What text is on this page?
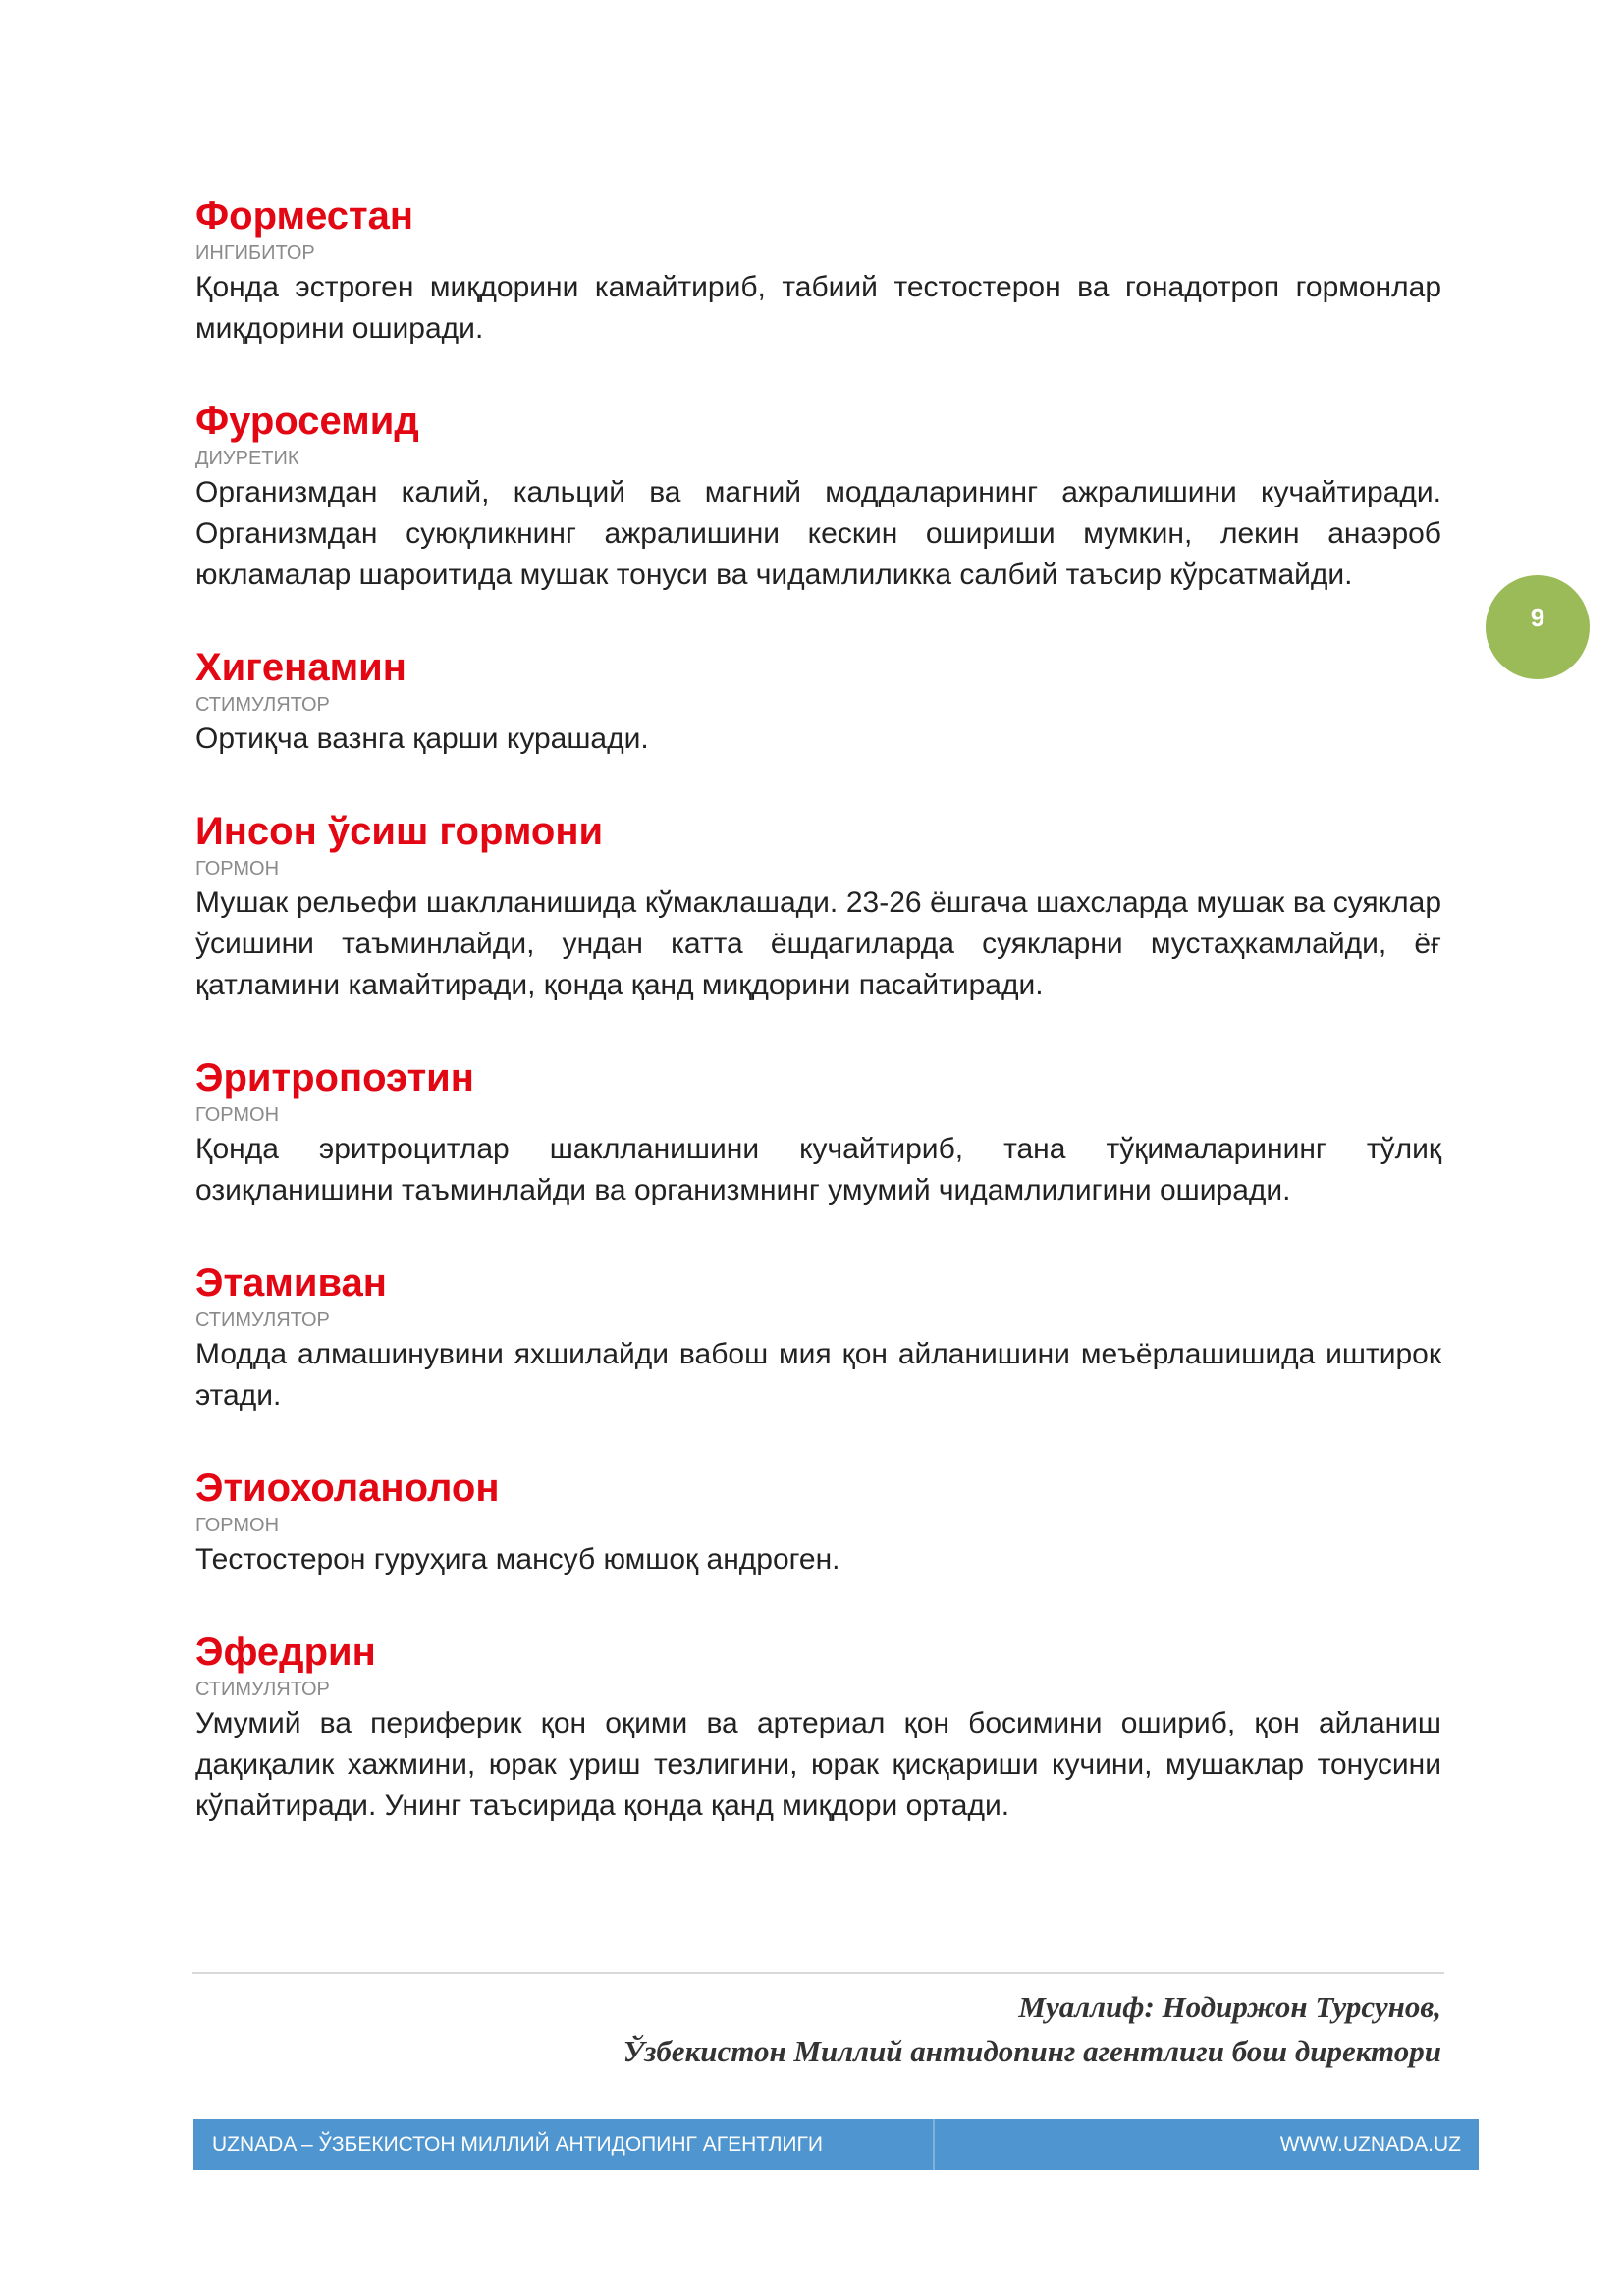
Форместан
ИНГИБИТОР

Қонда эстроген миқдорини камайтириб, табиий тестостерон ва гонадотроп гормонлар миқдорини оширади.

Фуросемид
ДИУРЕТИК

Организмдан калий, кальций ва магний моддаларининг ажралишини кучайтиради. Организмдан суюқликнинг ажралишини кескин ошириши мумкин, лекин анаэроб юкламалар шароитида мушак тонуси ва чидамлиликка салбий таъсир кўрсатмайди.

Хигенамин
СТИМУЛЯТОР

Ортиқча вазнга қарши курашади.

Инсон ўсиш гормони
ГОРМОН

Мушак рельефи шаклланишида кўмаклашади. 23-26 ёшгача шахсларда мушак ва суяклар ўсишини таъминлайди, ундан катта ёшдагиларда суякларни мустаҳкамлайди, ёғ қатламини камайтиради, қонда қанд миқдорини пасайтиради.

Эритропоэтин
ГОРМОН

Қонда эритроцитлар шаклланишини кучайтириб, тана тўқималарининг тўлиқ озиқланишини таъминлайди ва организмнинг умумий чидамлилигини оширади.

Этамиван
СТИМУЛЯТОР

Модда алмашинувини яхшилайди вабош мия қон айланишини меъёрлашишида иштирок этади.

Этиохоланолон
ГОРМОН

Тестостерон гуруҳига мансуб юмшоқ андроген.

Эфедрин
СТИМУЛЯТОР

Умумий ва периферик қон оқими ва артериал қон босимини ошириб, қон айланиш дақиқалик хажмини, юрак уриш тезлигини, юрак қисқариши кучини, мушаклар тонусини кўпайтиради. Унинг таъсирида қонда қанд миқдори ортади.

9
Муаллиф: Нодиржон Турсунов,
Ўзбекистон Миллий антидопинг агентлиги бош директори
UZNADA – ЎЗБЕКИСТОН МИЛЛИЙ АНТИДОПИНГ АГЕНТЛИГИ	WWW.UZNADA.UZ
